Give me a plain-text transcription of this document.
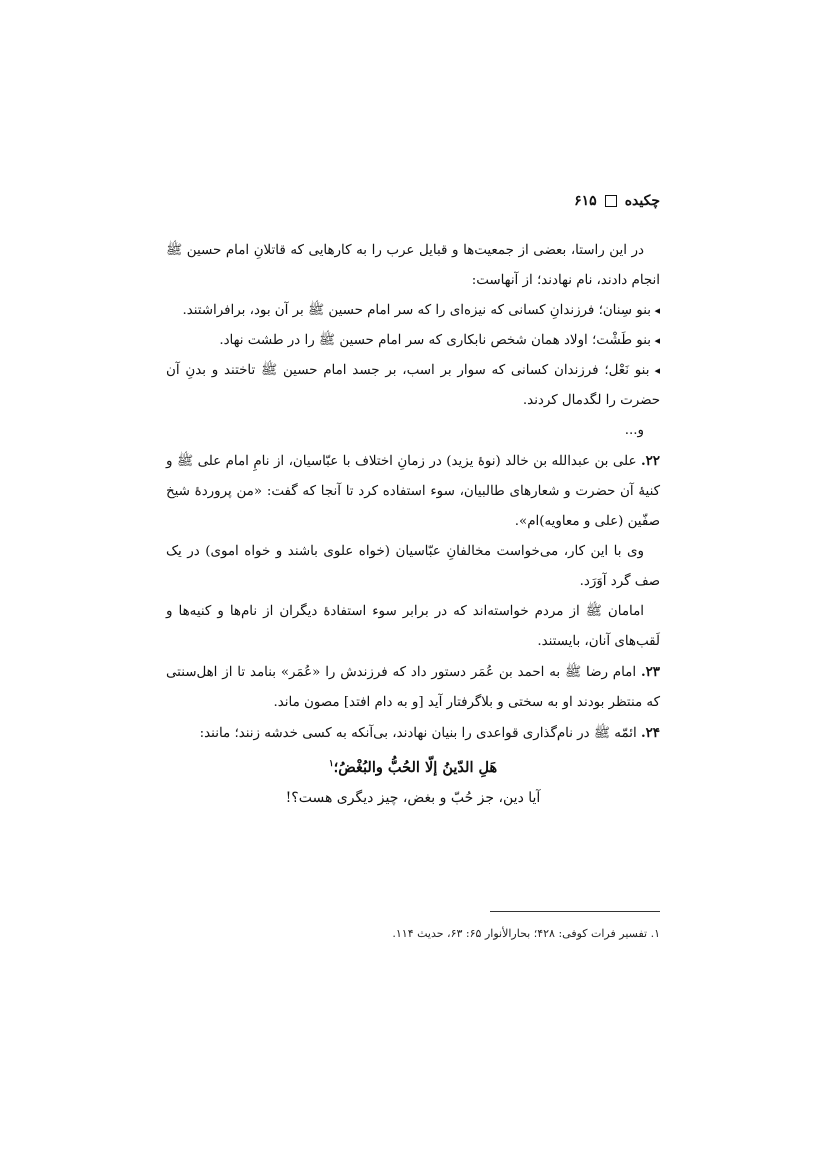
چکیده
۶۱۵

در این راستا، بعضی از جمعیت‌ها و قبایل عرب را به کارهایی که قاتلانِ امام حسین ﷺ انجام دادند، نام نهادند؛ از آنهاست:

◂ بنو سِنان؛ فرزندانِ کسانی که نیزه‌ای را که سر امام حسین ﷺ بر آن بود، برافراشتند.

◂ بنو طَشْت؛ اولاد همان شخص نابکاری که سر امام حسین ﷺ را در طشت نهاد.

◂ بنو نَعْل؛ فرزندان کسانی که سوار بر اسب، بر جسد امام حسین ﷺ تاختند و بدنِ آن حضرت را لگدمال کردند.

و...

۲۲. علی بن عبدالله بن خالد (نوهٔ یزید) در زمانِ اختلاف با عبّاسیان، از نامِ امام علی ﷺ و کنیهٔ آن حضرت و شعارهای طالبیان، سوء استفاده کرد تا آنجا که گفت: «من پروردهٔ شیخ صفّین (علی و معاویه)ام».

وی با این کار، می‌خواست مخالفانِ عبّاسیان (خواه علوی باشند و خواه اموی) در یک صف گرد آوَرَد.

امامان ﷺ از مردم خواسته‌اند که در برابر سوء استفادهٔ دیگران از نام‌ها و کنیه‌ها و لَقب‌های آنان، بایستند.

۲۳. امام رضا ﷺ به احمد بن عُمَر دستور داد که فرزندش را «عُمَر» بنامد تا از اهل‌سنتی که منتظر بودند او به سختی و بلاگرفتار آید [و به دام افتد] مصون ماند.

۲۴. ائمّه ﷺ در نام‌گذاری قواعدی را بنیان نهادند، بی‌آنکه به کسی خدشه زنند؛ مانند:

هَلِ الدّینُ إلّا الحُبُّ والبُغْضُ؛$^۱$

آیا دین، جز حُبّ و بغض، چیز دیگری هست؟!

۱. تفسیر فرات کوفی: ۴۲۸؛ بحارالأنوار ۶۵: ۶۳، حدیث ۱۱۴.
